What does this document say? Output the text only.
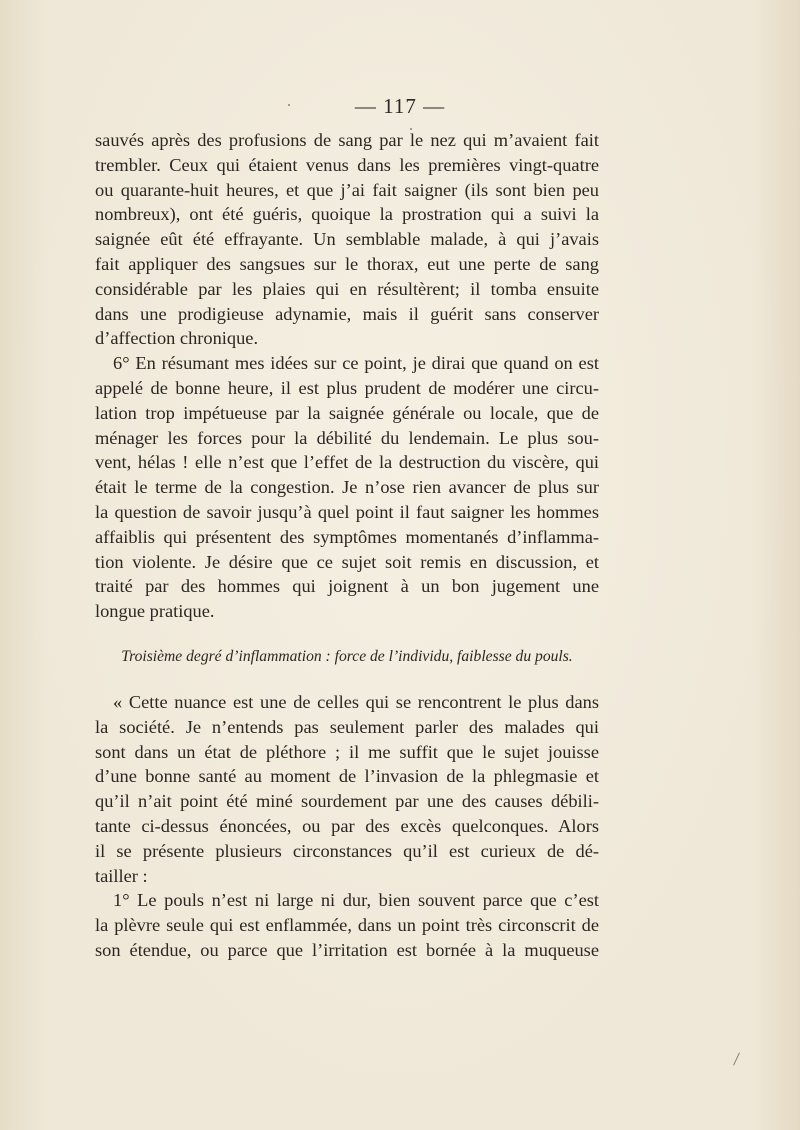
— 117 —
sauvés après des profusions de sang par le nez qui m’avaient fait
trembler. Ceux qui étaient venus dans les premières vingt-quatre
ou quarante-huit heures, et que j’ai fait saigner (ils sont bien peu
nombreux), ont été guéris, quoique la prostration qui a suivi la
saignée eût été effrayante. Un semblable malade, à qui j’avais
fait appliquer des sangsues sur le thorax, eut une perte de sang
considérable par les plaies qui en résultèrent; il tomba ensuite
dans une prodigieuse adynamie, mais il guérit sans conserver
d’affection chronique.
6° En résumant mes idées sur ce point, je dirai que quand on est
appelé de bonne heure, il est plus prudent de modérer une circu-
lation trop impétueuse par la saignée générale ou locale, que de
ménager les forces pour la débilité du lendemain. Le plus sou-
vent, hélas ! elle n’est que l’effet de la destruction du viscère, qui
était le terme de la congestion. Je n’ose rien avancer de plus sur
la question de savoir jusqu’à quel point il faut saigner les hommes
affaiblis qui présentent des symptômes momentanés d’inflamma-
tion violente. Je désire que ce sujet soit remis en discussion, et
traité par des hommes qui joignent à un bon jugement une
longue pratique.
Troisième degré d’inflammation : force de l’individu, faiblesse du pouls.
« Cette nuance est une de celles qui se rencontrent le plus dans
la société. Je n’entends pas seulement parler des malades qui
sont dans un état de pléthore ; il me suffit que le sujet jouisse
d’une bonne santé au moment de l’invasion de la phlegmasie et
qu’il n’ait point été miné sourdement par une des causes débili-
tante ci-dessus énoncées, ou par des excès quelconques. Alors
il se présente plusieurs circonstances qu’il est curieux de dé-
tailler :
1° Le pouls n’est ni large ni dur, bien souvent parce que c’est
la plèvre seule qui est enflammée, dans un point très circonscrit de
son étendue, ou parce que l’irritation est bornée à la muqueuse
